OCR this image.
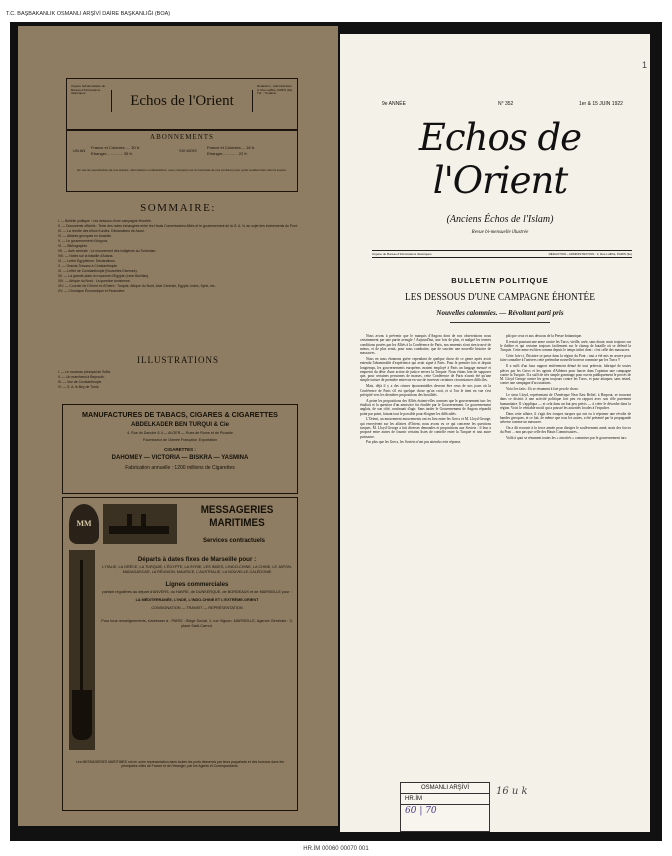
T.C. BAŞBAKANLIK OSMANLI ARŞİVİ DAİRE BAŞKANLIĞI (BOA)
Organe hebdomadaire du Bureau d'Informations Islamiques	Echos de l'Orient
Rédaction - Administration 3, Rue Laffitte, PARIS (9e) Tél. : Trudaine
ABONNEMENTS
UN AN
France et Colonies..... 30 fr.
Etranger............... 35 fr.
SIX MOIS
France et Colonies.... 18 fr.
Etranger.............. 22 fr.
En cas de reproduction de nos articles, informations ou illustrations, nous comptons sur la courtoisie de nos confrères pour qu'ils veuillent bien citer la source.
SOMMAIRE:
I. — Bulletin politique : Les dessous d'une campagne éhontée.
II. — Documents officiels : Texte des notes échangées entre les Hauts Commissaires Alliés et le gouvernement de la G. A. N. au sujet des évènements du Pont.
III. — La révolte des tribus Kurdes. Déclarations de Azoul.
IV. — Affaires grecques en Anatolie.
V. — Le gouvernement d'Angora.
VI. — Bibliographie.
VII. — Asie centrale : Le mouvement des indigènes au Turkestan.
VIII. — Notes sur la bataille d'Adana.
IX. — Lettre Egyptienne. Déclarations.
X. — Grands Travaux à Constantinople.
XI. — Lettre de Constantinople (Nouvelles Diverses).
XII. — La grande plaie du royaume d'Egypte (Leon Bonillac).
XIII. — Afrique du Nord : La question tunisienne.
XIV. — Courrier de l'Orient et d'Orient : Turquie, Afrique du Nord, Asie Centrale, Egypte, Indes, Syrie, etc.
XV. — Chronique Économique et Financière.
ILLUSTRATIONS
I. — Le nouveau principal de Sofia.
II. — Un marchand à Beyrouth.
III. — Vue de Constantinople.
IV. — S. A. le Bey de Tunis.
MANUFACTURES DE TABACS, CIGARES & CIGARETTES
ABDELKADER BEN TURQUI & Cie
4, Rue du Danube & 4 — ALGER — Rues de Rome et de Picardie
Fournisseur de l'Armée Française, Exportation
CIGARETTES :
DAHOMEY — VICTORIA — BISKRA — YASMINA
Fabrication annuelle : 1200 millions de Cigarettes
MM
MESSAGERIES
MARITIMES
Services contractuels
Départs à dates fixes de Marseille pour :
L'ITALIE, LA GRÈCE, LA TURQUIE, L'ÉGYPTE, LA SYRIE, LES INDES, L'INDO-CHINE, LA CHINE, LE JAPON, MADAGASCAR, LA RÉUNION, MAURICE, L'AUSTRALIE, LA NOUVELLE-CALÉDONIE
Lignes commerciales
partant régulières au départ d'ANVERS, du HAVRE, de DUNKERQUE, de BORDEAUX et de MARSEILLE pour :
LA MÉDITERRANÉE, L'INDE, L'INDO-CHINE ET L'EXTRÊME-ORIENT
CONSIGNATION — TRANSIT — REPRÉSENTATION
Pour tous renseignements, s'adresser à : PARIS : Siège Social, 1, rue Vignon. MARSEILLE, Agence Générale : 3, place Sadi-Carnot.
Les MESSAGERIES MARITIMES ont en outre représentation dans toutes les ports desservis par leurs paquebots et des bureaux dans les principales villes de France et de l'étranger, par les Agents et Correspondants.
9e ANNÉE	N° 352	1er & 15 JUIN 1922
Echos de l'Orient
(Anciens Échos de l'Islam)
Revue bi-mensuelle illustrée
Organe du Bureau d'Informations Islamiques	RÉDACTION - ADMINISTRATION : 3, Rue Laffitte, PARIS (9e)
BULLETIN POLITIQUE
LES DESSOUS D'UNE CAMPAGNE ÉHONTÉE
Nouvelles calomnies. — Révoltant parti pris

Nous avons à prévenir que le marquis d'Angora dont de nos observations nous certainement par une partie aveugle ! Aujourd'hui, une fois de plus, et malgré les termes conditions posées par les Alliés à la Conférence de Paris, nos ennemis n'ont rien trouvé de mieux, et de plus serait, pour nous combattre, que de susciter une nouvelle histoire de massacres.

Nous en nous étonnons guère cependant de quelque chose de ce genre après avoir entendu l'abominable d'expérience qui avait signé à Paris. Pour le premier fois et depuis longtemps, les gouvernements européens avaient employé à Paris un langage mesuré et empreint du désir d'une action de justice envers la Turquie. Nous étions loin de supposer que, pour certaines personnes de masses, cette Conférence de Paris n'avait été qu'une simple torture de première entrevue en vue de traverser certaines circonstances difficiles.

Mais, dèjà il y a des crimes épouvantables devront être ceux de nos jours où la Conférence de Paris s'il est quelque chose qu'on croit, et si l'on le tient en vue s'est précipité vers les dernières propositions des hostilités.

A peine les propositions des Alliés étaient-elles connues que le gouvernement turc les étudiait et la question d'un armistice fut étudiée par le Gouvernement. Le gouvernement anglais, de son côté, continuait d'agir. Sans tarder le Gouvernement de Angora répondit point par point, faisant tout le possible pour éloigner les difficultés.

L'Orient, un mouvement mouvements ont eu lieu entre les Grecs et M. Lloyd George, qui envoyèrent sur les affaires d'Orient, nous avons vu ce qui concerne les questions turques. M. Lloyd George a fait diverses demandes et propositions aux Soviets : il leur a proposé entre autres de fournir certains listes de contrôle entre la Turquie et tout autre puissance.

Pas plus que les Grecs, les Soviets n'ont pas attendu cette réponse.

pût que ceux et aux dessous de la Presse britannique.

Il restait pourtant une arme contre les Turcs, vieille, usée, sans doute, mais toujours sur le théâtre et qui certaine toujours facilement sur le champ de bataille où se défend la Turquie. Cette arme est bien comme depuis le temps infini dont : c'est celle des massacres.

Cette fois-ci, l'histoire se passe dans la région du Pont ; tout a été mis en œuvre pour faire connaître à l'univers cette prétendue nouvelle horreur commise par les Turcs !!

Il a suffi d'un faux rapport entièrement dénué de tout prétexte, fabriqué de toutes pièces par les Grecs et les agents d'Athènes pour lancer dans l'opinion une campagne contre la Turquie. Il a suffi de très simple gommage pour ouvrir publiquement le procès de M. Lloyd George contre les gens toujours contre les Turcs, et pour attaquer, sans retard, contre une campagne d'accusations.

Voici les faits : Ils se résument à fort peu de chose.

Le sieur Lloyd, représentant de l'Amérique Near East Relief, à Harpout, se trouvant dans ce district à une activité politique fort peu en rapport avec son rôle purement humanitaire. Il s'appliqua — et cela dans un but peu précis — à créer le désordre dans la région. Voici le véritable motif qui a poussé les autorités locales à l'expulser.

Dans cette affaire, il s'agit des troupes turques qui ont eu à réprimer une révolte de bandes grecques, et ce fait, de même que tous les autres, a été présenté par la propagande adverse comme un massacre.

On a dû recourir à la force armée pour dissiper le soulèvement armé, mais des forces du Pont ... non pas que celle des Hauts Commissaires...

Voilà à quoi se résument toutes les « atrocités » commises par le gouvernement turc.

OSMANLI ARŞİVİ
HR.İM
60 | 70
16 u k
1
HR.İM 00060 00070 001
